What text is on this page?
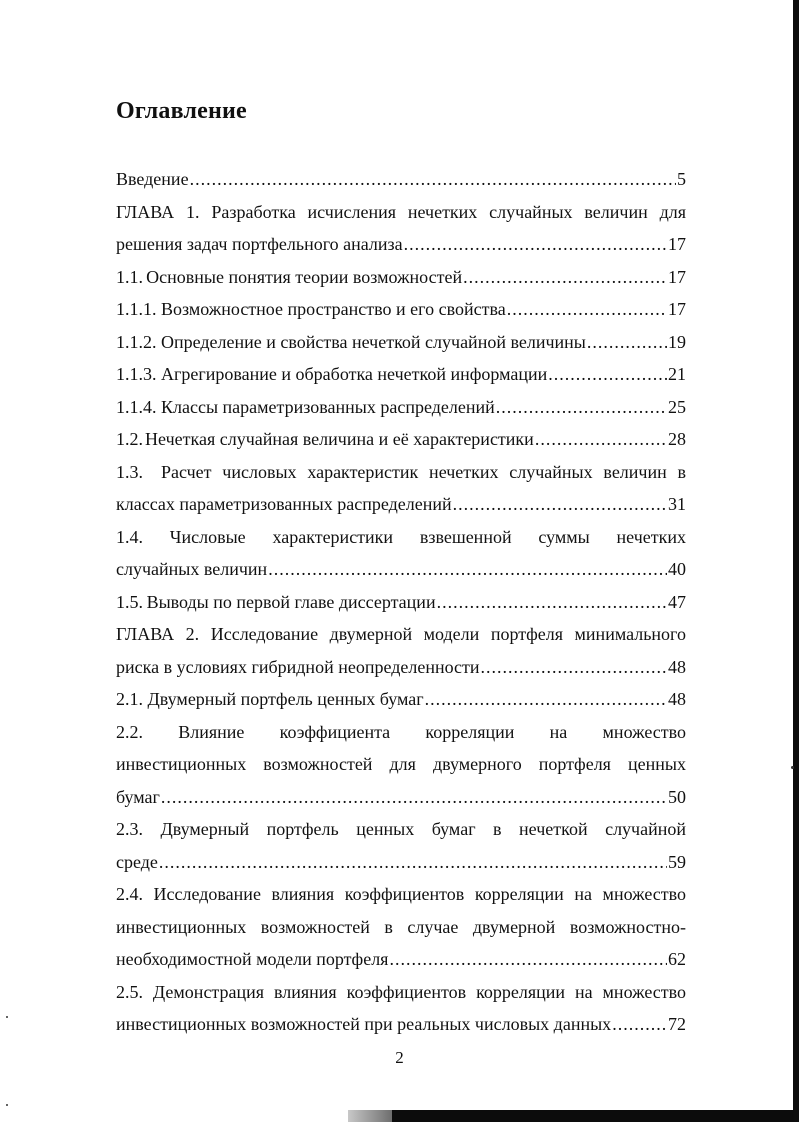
Оглавление
Введение .....	5
ГЛАВА 1. Разработка исчисления нечетких случайных величин для
решения задач портфельного анализа .....	17
1.1. Основные понятия теории возможностей .....	17
1.1.1. Возможностное пространство и его свойства .....	17
1.1.2. Определение и свойства нечеткой случайной величины .....	19
1.1.3. Агрегирование и обработка нечеткой информации .....	21
1.1.4. Классы параметризованных распределений .....	25
1.2. Нечеткая случайная величина и её характеристики .....	28
1.3. Расчет числовых характеристик нечетких случайных величин в
классах параметризованных распределений .....	31
1.4. Числовые характеристики взвешенной суммы нечетких
случайных величин .....	40
1.5. Выводы по первой главе диссертации .....	47
ГЛАВА 2. Исследование двумерной модели портфеля минимального
риска в условиях гибридной неопределенности .....	48
2.1. Двумерный портфель ценных бумаг .....	48
2.2. Влияние коэффициента корреляции на множество
инвестиционных возможностей для двумерного портфеля ценных
бумаг .....	50
2.3. Двумерный портфель ценных бумаг в нечеткой случайной
среде .....	59
2.4. Исследование влияния коэффициентов корреляции на множество
инвестиционных возможностей в случае двумерной возможностно-
необходимостной модели портфеля .....	62
2.5. Демонстрация влияния коэффициентов корреляции на множество
инвестиционных возможностей при реальных числовых данных .....	72
2
